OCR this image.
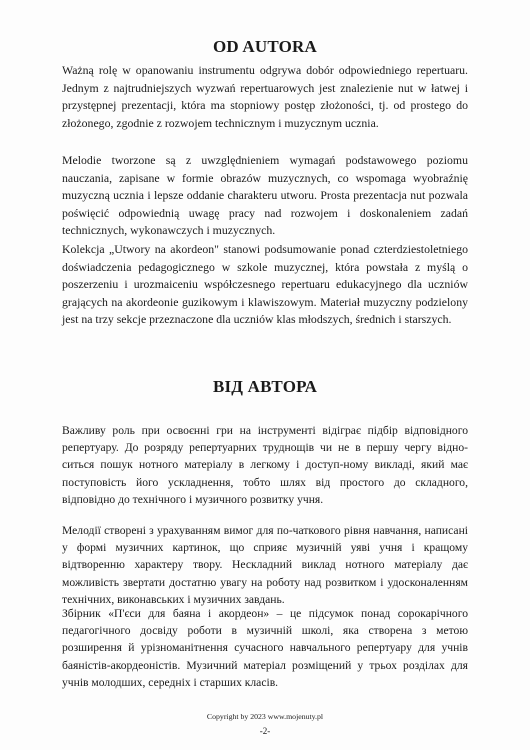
OD AUTORA

Ważną rolę w opanowaniu instrumentu odgrywa dobór odpowiedniego repertuaru. Jednym z najtrudniejszych wyzwań repertuarowych jest znalezienie nut w łatwej i przystępnej prezentacji, która ma stopniowy postęp złożoności, tj. od prostego do złożonego, zgodnie z rozwojem technicznym i muzycznym ucznia.

Melodie tworzone są z uwzględnieniem wymagań podstawowego poziomu nauczania, zapisane w formie obrazów muzycznych, co wspomaga wyobraźnię muzyczną ucznia i lepsze oddanie charakteru utworu. Prosta prezentacja nut pozwala poświęcić odpowiednią uwagę pracy nad rozwojem i doskonaleniem zadań technicznych, wykonawczych i muzycznych.

Kolekcja „Utwory na akordeon" stanowi podsumowanie ponad czterdziestoletniego doświadczenia pedagogicznego w szkole muzycznej, która powstała z myślą o poszerzeniu i urozmaiceniu współczesnego repertuaru edukacyjnego dla uczniów grających na akordeonie guzikowym i klawiszowym. Materiał muzyczny podzielony jest na trzy sekcje przeznaczone dla uczniów klas młodszych, średnich i starszych.

ВІД АВТОРА

Важливу роль при освоєнні гри на інструменті відіграє підбір відповідного репертуару. До розряду репертуарних труднощів чи не в першу чергу відно-ситься пошук нотного матеріалу в легкому і доступ-ному викладі, який має поступовість його ускладнення, тобто шлях від простого до складного, відповідно до технічного і музичного розвитку учня.

Мелодії створені з урахуванням вимог для по-чаткового рівня навчання, написані у формі музичних картинок, що сприяє музичній уяві учня і кращому відтворенню характеру твору. Нескладний виклад нотного матеріалу дає можливість звертати достатню увагу на роботу над розвитком і удосконаленням технічних, виконавських і музичних завдань.

Збірник «П'єси для баяна і акордеон» – це підсумок понад сорокарічного педагогічного досвіду роботи в музичній школі, яка створена з метою розширення й урізноманітнення сучасного навчального репертуару для учнів баяністів-акордеоністів. Музичний матеріал розміщений у трьох розділах для учнів молодших, середніх і старших класів.

Copyright by 2023 www.mojenuty.pl
-2-
